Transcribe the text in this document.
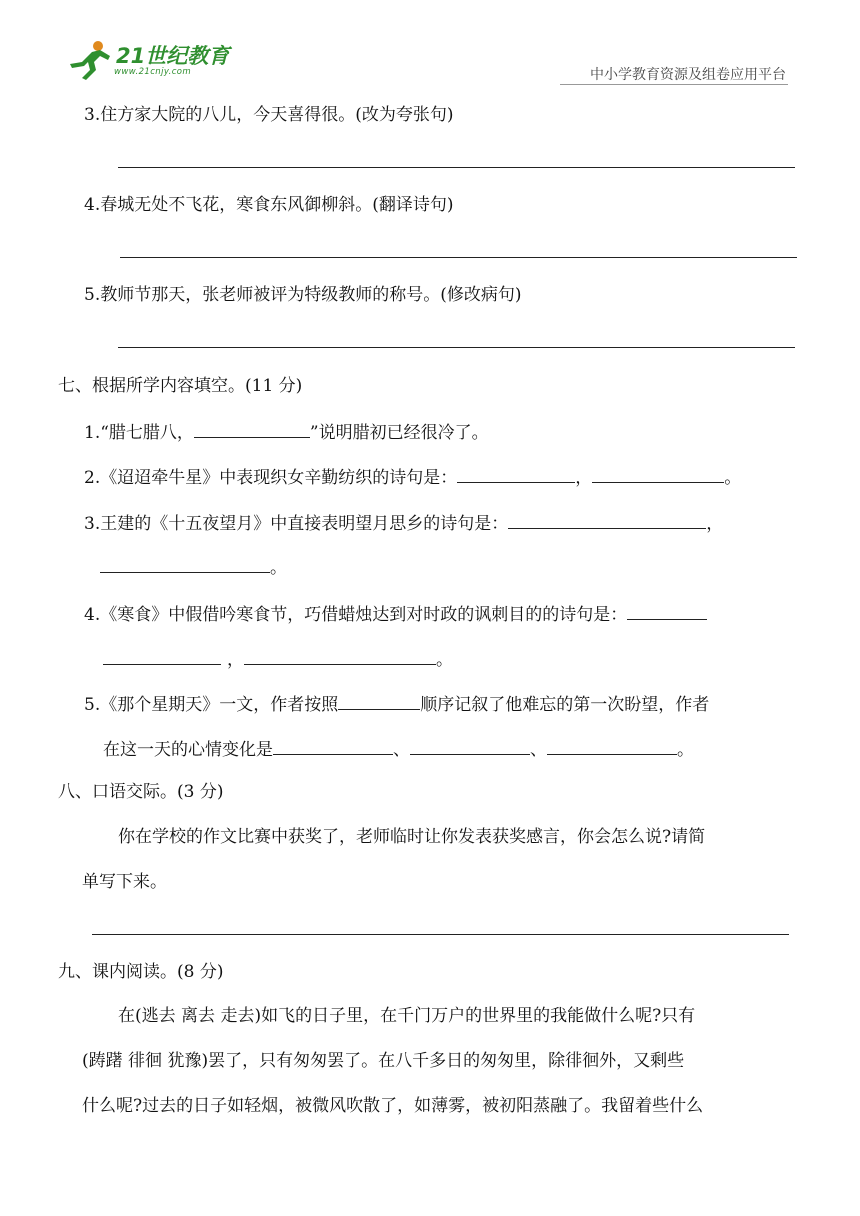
21世纪教育
www.21cnjy.com	中小学教育资源及组卷应用平台
3.住方家大院的八儿，今天喜得很。(改为夸张句)
4.春城无处不飞花，寒食东风御柳斜。(翻译诗句)
5.教师节那天，张老师被评为特级教师的称号。(修改病句)
七、根据所学内容填空。(11 分)
1.“腊七腊八，	”说明腊初已经很冷了。
2.《迢迢牵牛星》中表现织女辛勤纺织的诗句是：	，	。
3.王建的《十五夜望月》中直接表明望月思乡的诗句是：	，
。
4.《寒食》中假借吟寒食节，巧借蜡烛达到对时政的讽刺目的的诗句是：
，	。
5.《那个星期天》一文，作者按照	顺序记叙了他难忘的第一次盼望，作者
在这一天的心情变化是	、	、	。
八、口语交际。(3 分)
你在学校的作文比赛中获奖了，老师临时让你发表获奖感言，你会怎么说?请简
单写下来。
九、课内阅读。(8 分)
在(逃去 离去 走去)如飞的日子里，在千门万户的世界里的我能做什么呢?只有
(踌躇 徘徊 犹豫)罢了，只有匆匆罢了。在八千多日的匆匆里，除徘徊外，又剩些
什么呢?过去的日子如轻烟，被微风吹散了，如薄雾，被初阳蒸融了。我留着些什么
